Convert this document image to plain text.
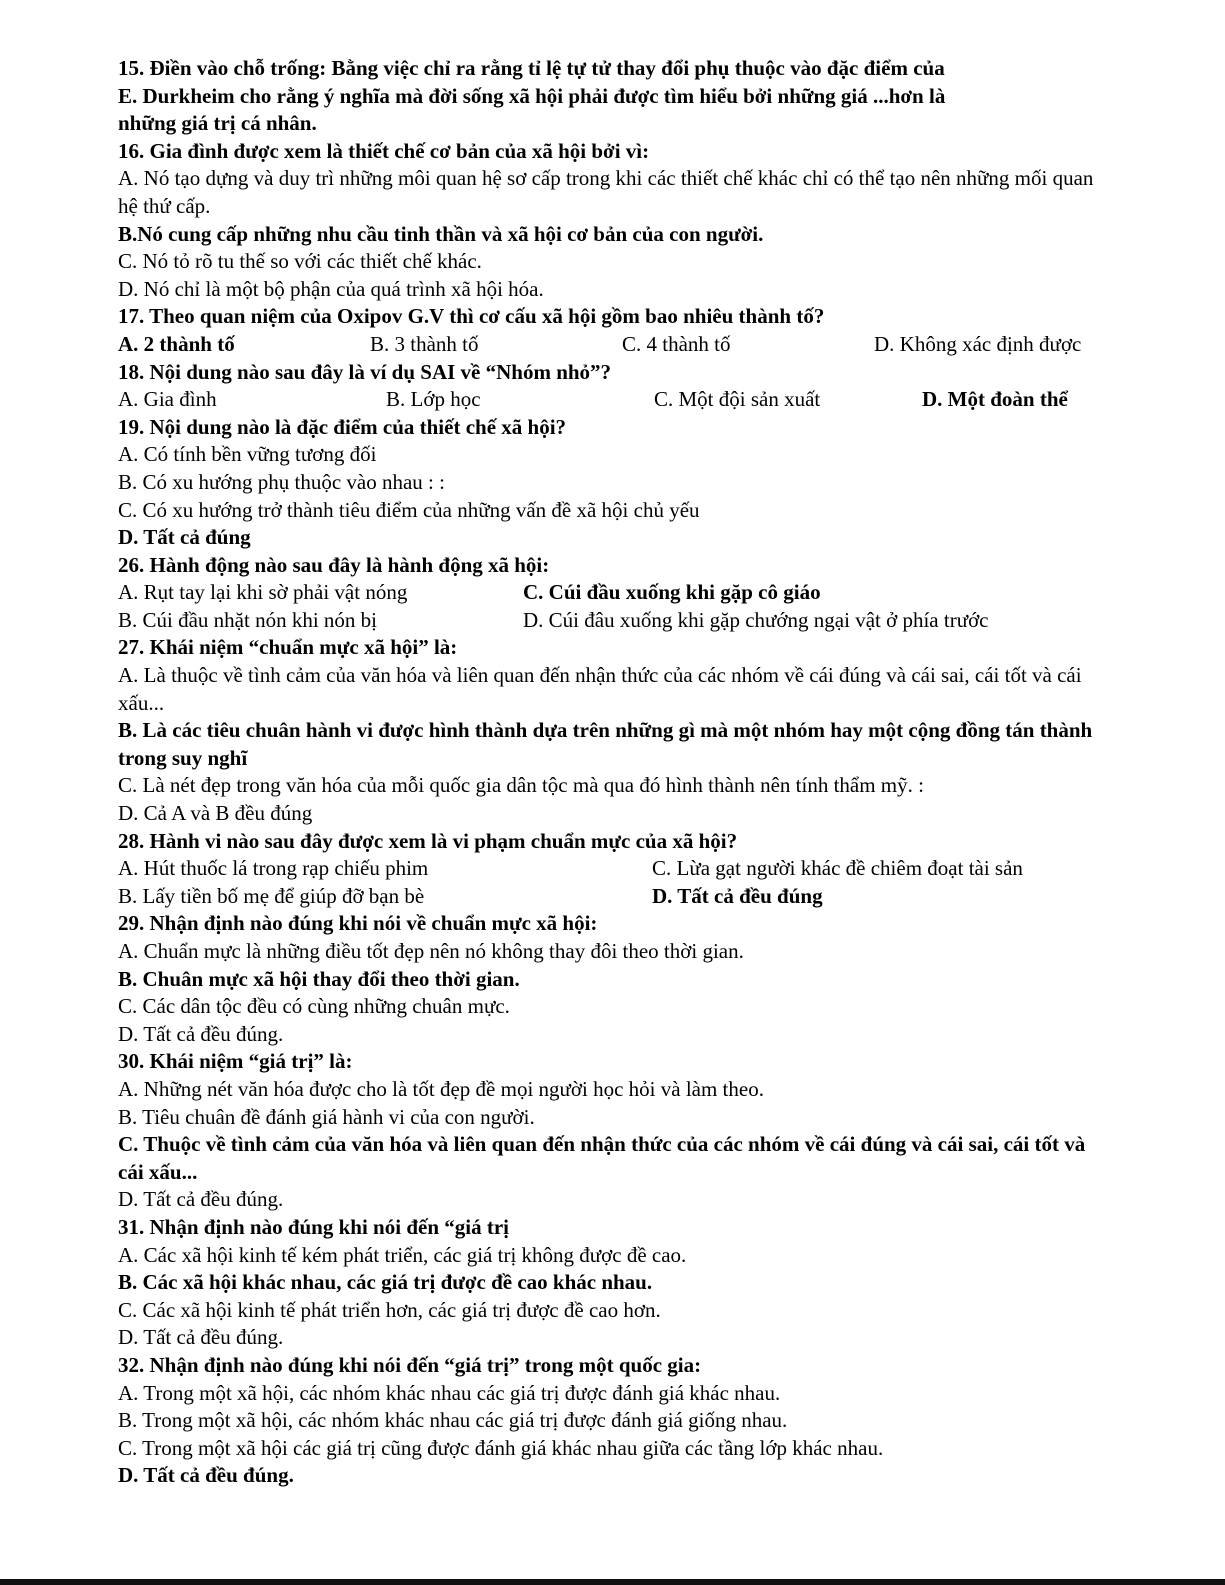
15. Điền vào chỗ trống: Bằng việc chỉ ra rằng tỉ lệ tự tử thay đổi phụ thuộc vào đặc điểm của
E. Durkheim cho rằng ý nghĩa mà đời sống xã hội phải được tìm hiểu bởi những giá ...hơn là
những giá trị cá nhân.
16. Gia đình được xem là thiết chế cơ bản của xã hội bởi vì:
A. Nó tạo dựng và duy trì những môi quan hệ sơ cấp trong khi các thiết chế khác chỉ có thể tạo nên những mối quan hệ thứ cấp.
B.Nó cung cấp những nhu cầu tinh thần và xã hội cơ bản của con người.
C. Nó tỏ rõ tu thế so với các thiết chế khác.
D. Nó chỉ là một bộ phận của quá trình xã hội hóa.
17. Theo quan niệm của Oxipov G.V thì cơ cấu xã hội gồm bao nhiêu thành tố?
A. 2 thành tố	B. 3 thành tố	C. 4 thành tố	D. Không xác định được
18. Nội dung nào sau đây là ví dụ SAI về “Nhóm nhỏ”?
A. Gia đình	B. Lớp học	C. Một đội sản xuất	D. Một đoàn thể
19. Nội dung nào là đặc điểm của thiết chế xã hội?
A. Có tính bền vững tương đối
B. Có xu hướng phụ thuộc vào nhau : :
C. Có xu hướng trở thành tiêu điểm của những vấn đề xã hội chủ yếu
D. Tất cả đúng
26. Hành động nào sau đây là hành động xã hội:
A. Rụt tay lại khi sờ phải vật nóng	C. Cúi đầu xuống khi gặp cô giáo
B. Cúi đầu nhặt nón khi nón bị	D. Cúi đâu xuống khi gặp chướng ngại vật ở phía trước
27. Khái niệm “chuẩn mực xã hội” là:
A. Là thuộc về tình cảm của văn hóa và liên quan đến nhận thức của các nhóm về cái đúng và cái sai, cái tốt và cái xấu...
B. Là các tiêu chuân hành vi được hình thành dựa trên những gì mà một nhóm hay một cộng đồng tán thành trong suy nghĩ
C. Là nét đẹp trong văn hóa của mỗi quốc gia dân tộc mà qua đó hình thành nên tính thẩm mỹ. :
D. Cả A và B đều đúng
28. Hành vi nào sau đây được xem là vi phạm chuẩn mực của xã hội?
A. Hút thuốc lá trong rạp chiếu phim	C. Lừa gạt người khác đề chiêm đoạt tài sản
B. Lấy tiền bố mẹ để giúp đỡ bạn bè	D. Tất cả đều đúng
29. Nhận định nào đúng khi nói về chuẩn mực xã hội:
A. Chuẩn mực là những điều tốt đẹp nên nó không thay đôi theo thời gian.
B. Chuân mực xã hội thay đổi theo thời gian.
C. Các dân tộc đều có cùng những chuân mực.
D. Tất cả đều đúng.
30. Khái niệm “giá trị” là:
A. Những nét văn hóa được cho là tốt đẹp đề mọi người học hỏi và làm theo.
B. Tiêu chuân đề đánh giá hành vi của con người.
C. Thuộc về tình cảm của văn hóa và liên quan đến nhận thức của các nhóm về cái đúng và cái sai, cái tốt và cái xấu...
D. Tất cả đều đúng.
31. Nhận định nào đúng khi nói đến “giá trị
A. Các xã hội kinh tế kém phát triển, các giá trị không được đề cao.
B. Các xã hội khác nhau, các giá trị được đề cao khác nhau.
C. Các xã hội kinh tế phát triển hơn, các giá trị được đề cao hơn.
D. Tất cả đều đúng.
32. Nhận định nào đúng khi nói đến “giá trị” trong một quốc gia:
A. Trong một xã hội, các nhóm khác nhau các giá trị được đánh giá khác nhau.
B. Trong một xã hội, các nhóm khác nhau các giá trị được đánh giá giống nhau.
C. Trong một xã hội các giá trị cũng được đánh giá khác nhau giữa các tầng lớp khác nhau.
D. Tất cả đều đúng.
